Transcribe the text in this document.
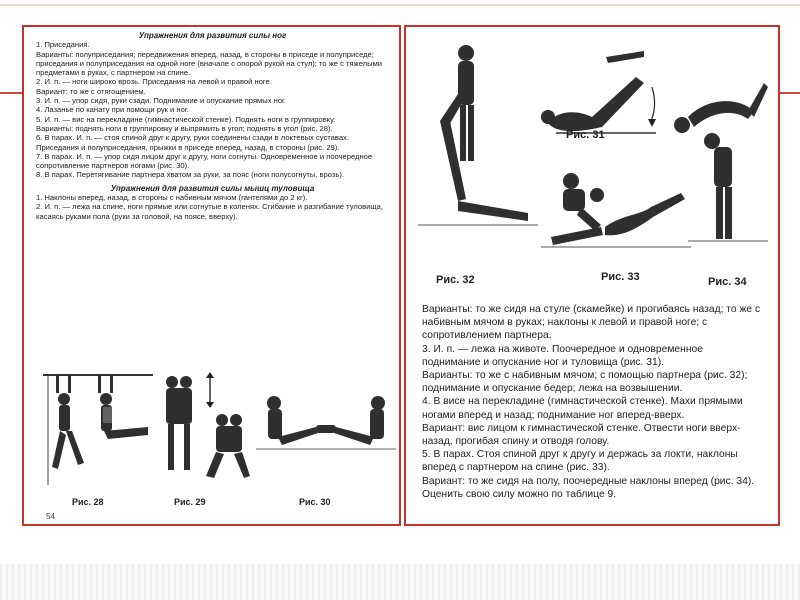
Упражнения для развития силы ног

1. Приседания.

Варианты: полуприседания; передвижения вперед, назад, в стороны в приседе и полуприседе; приседания и полуприседания на одной ноге (вначале с опорой рукой на стул); то же с тяжелыми предметами в руках, с партнером на спине.

2. И. п. — ноги широко врозь. Приседания на левой и правой ноге.

Вариант: то же с отягощением.

3. И. п. — упор сидя, руки сзади. Поднимание и опускание прямых ног.

4. Лазанье по канату при помощи рук и ног.

5. И. п. — вис на перекладине (гимнастической стенке). Поднять ноги в группировку.

Варианты: поднять ноги в группировку и выпрямить в угол; поднять в угол (рис. 28).

6. В парах. И. п. — стоя спиной друг к другу, руки соединены сзади в локтевых суставах. Приседания и полуприседания, прыжки в приседе вперед, назад, в стороны (рис. 29).

7. В парах. И. п. — упор сидя лицом друг к другу, ноги согнуты. Одновременное и поочередное сопротивление партнеров ногами (рис. 30).

8. В парах. Перетягивание партнера хватом за руки, за пояс (ноги полусогнуты, врозь).

Упражнения для развития силы мышц туловища

1. Наклоны вперед, назад, в стороны с набивным мячом (гантелями до 2 кг).

2. И. п. — лежа на спине, ноги прямые или согнутые в коленях. Сгибание и разгибание туловища, касаясь руками пола (руки за головой, на поясе, вверху).

Рис. 28	Рис. 29	Рис. 30
54
Рис. 32
Рис. 31
Рис. 33	Рис. 34

Варианты: то же сидя на стуле (скамейке) и прогибаясь назад; то же с набивным мячом в руках; наклоны к левой и правой ноге; с сопротивлением партнера.

3. И. п. — лежа на животе. Поочередное и одновременное поднимание и опускание ног и туловища (рис. 31).

Варианты: то же с набивным мячом; с помощью партнера (рис. 32); поднимание и опускание бедер; лежа на возвышении.

4. В висе на перекладине (гимнастической стенке). Махи прямыми ногами вперед и назад; поднимание ног вперед-вверх.

Вариант: вис лицом к гимнастической стенке. Отвести ноги вверх-назад, прогибая спину и отводя голову.

5. В парах. Стоя спиной друг к другу и держась за локти, наклоны вперед с партнером на спине (рис. 33).

Вариант: то же сидя на полу, поочередные наклоны вперед (рис. 34).

Оценить свою силу можно по таблице 9.
